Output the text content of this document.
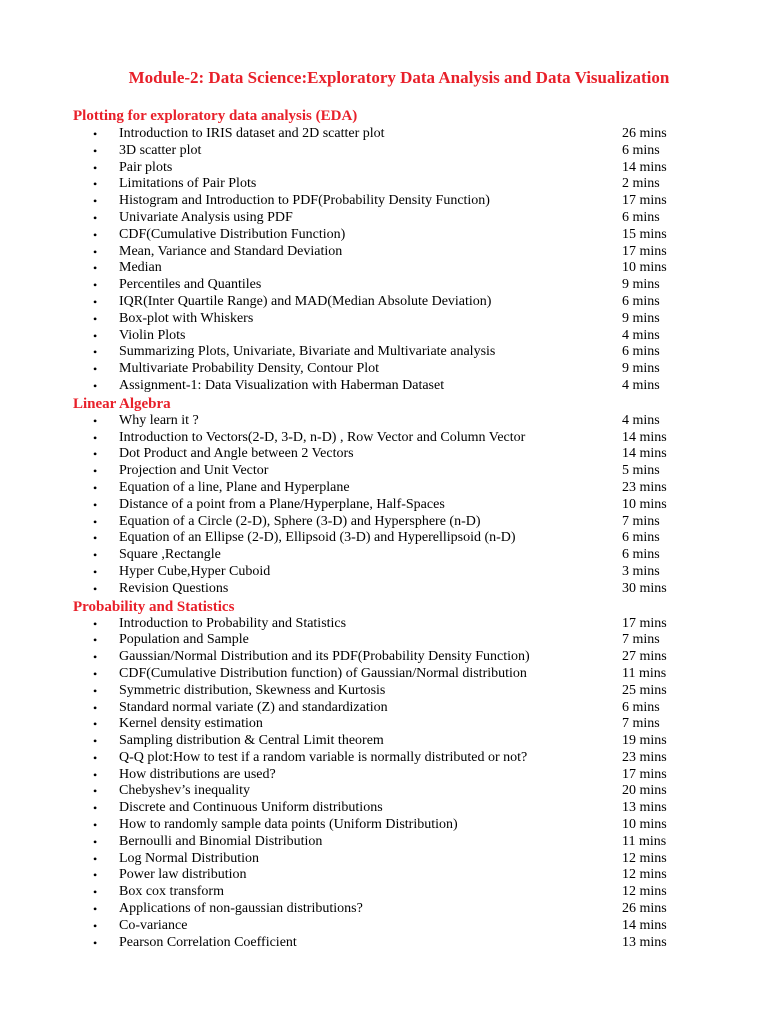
Module-2: Data Science:Exploratory Data Analysis and Data Visualization
Plotting for exploratory data analysis (EDA)
• Introduction to IRIS dataset and 2D scatter plot	26 mins
• 3D scatter plot	6 mins
• Pair plots	14 mins
• Limitations of Pair Plots	2 mins
• Histogram and Introduction to PDF(Probability Density Function)	17 mins
• Univariate Analysis using PDF	6 mins
• CDF(Cumulative Distribution Function)	15 mins
• Mean, Variance and Standard Deviation	17 mins
• Median	10 mins
• Percentiles and Quantiles	9 mins
• IQR(Inter Quartile Range) and MAD(Median Absolute Deviation)	6 mins
• Box-plot with Whiskers	9 mins
• Violin Plots	4 mins
• Summarizing Plots, Univariate, Bivariate and Multivariate analysis	6 mins
• Multivariate Probability Density, Contour Plot	9 mins
• Assignment-1: Data Visualization with Haberman Dataset	4 mins
Linear Algebra
• Why learn it ?	4 mins
• Introduction to Vectors(2-D, 3-D, n-D) , Row Vector and Column Vector	14 mins
• Dot Product and Angle between 2 Vectors	14 mins
• Projection and Unit Vector	5 mins
• Equation of a line, Plane and Hyperplane	23 mins
• Distance of a point from a Plane/Hyperplane, Half-Spaces	10 mins
• Equation of a Circle (2-D), Sphere (3-D) and Hypersphere (n-D)	7 mins
• Equation of an Ellipse (2-D), Ellipsoid (3-D) and Hyperellipsoid (n-D)	6 mins
• Square ,Rectangle	6 mins
• Hyper Cube,Hyper Cuboid	3 mins
• Revision Questions	30 mins
Probability and Statistics
• Introduction to Probability and Statistics	17 mins
• Population and Sample	7 mins
• Gaussian/Normal Distribution and its PDF(Probability Density Function)	27 mins
• CDF(Cumulative Distribution function) of Gaussian/Normal distribution	11 mins
• Symmetric distribution, Skewness and Kurtosis	25 mins
• Standard normal variate (Z) and standardization	6 mins
• Kernel density estimation	7 mins
• Sampling distribution & Central Limit theorem	19 mins
• Q-Q plot:How to test if a random variable is normally distributed or not?	23 mins
• How distributions are used?	17 mins
• Chebyshev’s inequality	20 mins
• Discrete and Continuous Uniform distributions	13 mins
• How to randomly sample data points (Uniform Distribution)	10 mins
• Bernoulli and Binomial Distribution	11 mins
• Log Normal Distribution	12 mins
• Power law distribution	12 mins
• Box cox transform	12 mins
• Applications of non-gaussian distributions?	26 mins
• Co-variance	14 mins
• Pearson Correlation Coefficient	13 mins
